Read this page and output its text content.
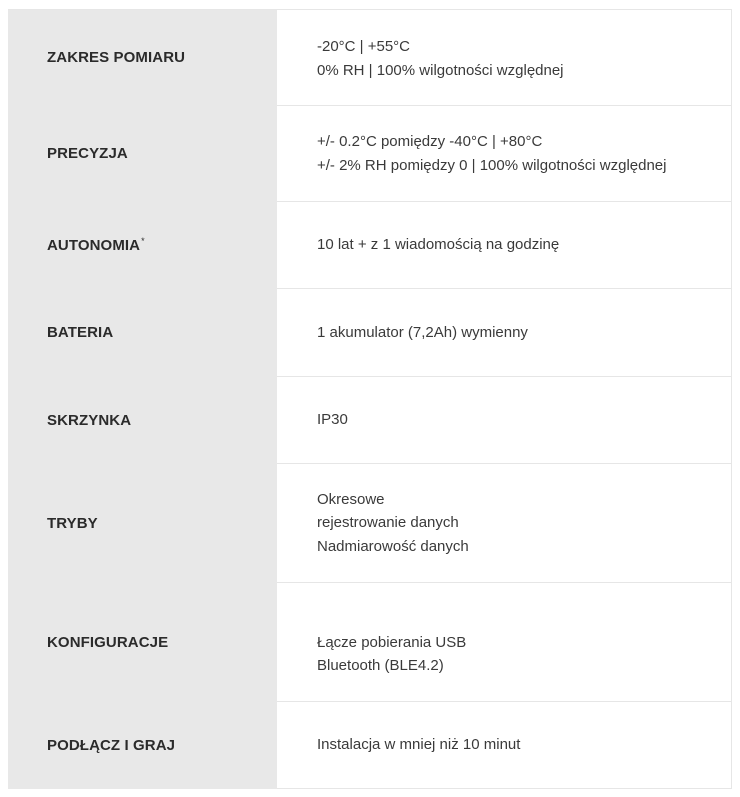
ZAKRES POMIARU	-20°C | +55°C
0% RH | 100% wilgotności względnej

PRECYZJA	+/- 0.2°C pomiędzy -40°C | +80°C
+/- 2% RH pomiędzy 0 | 100% wilgotności względnej

AUTONOMIA*	10 lat + z 1 wiadomością na godzinę

BATERIA	1 akumulator (7,2Ah) wymienny

SKRZYNKA	IP30

TRYBY	Okresowe
rejestrowanie danych
Nadmiarowość danych

KONFIGURACJE	Łącze pobierania USB
Bluetooth (BLE4.2)

PODŁĄCZ I GRAJ	Instalacja w mniej niż 10 minut
